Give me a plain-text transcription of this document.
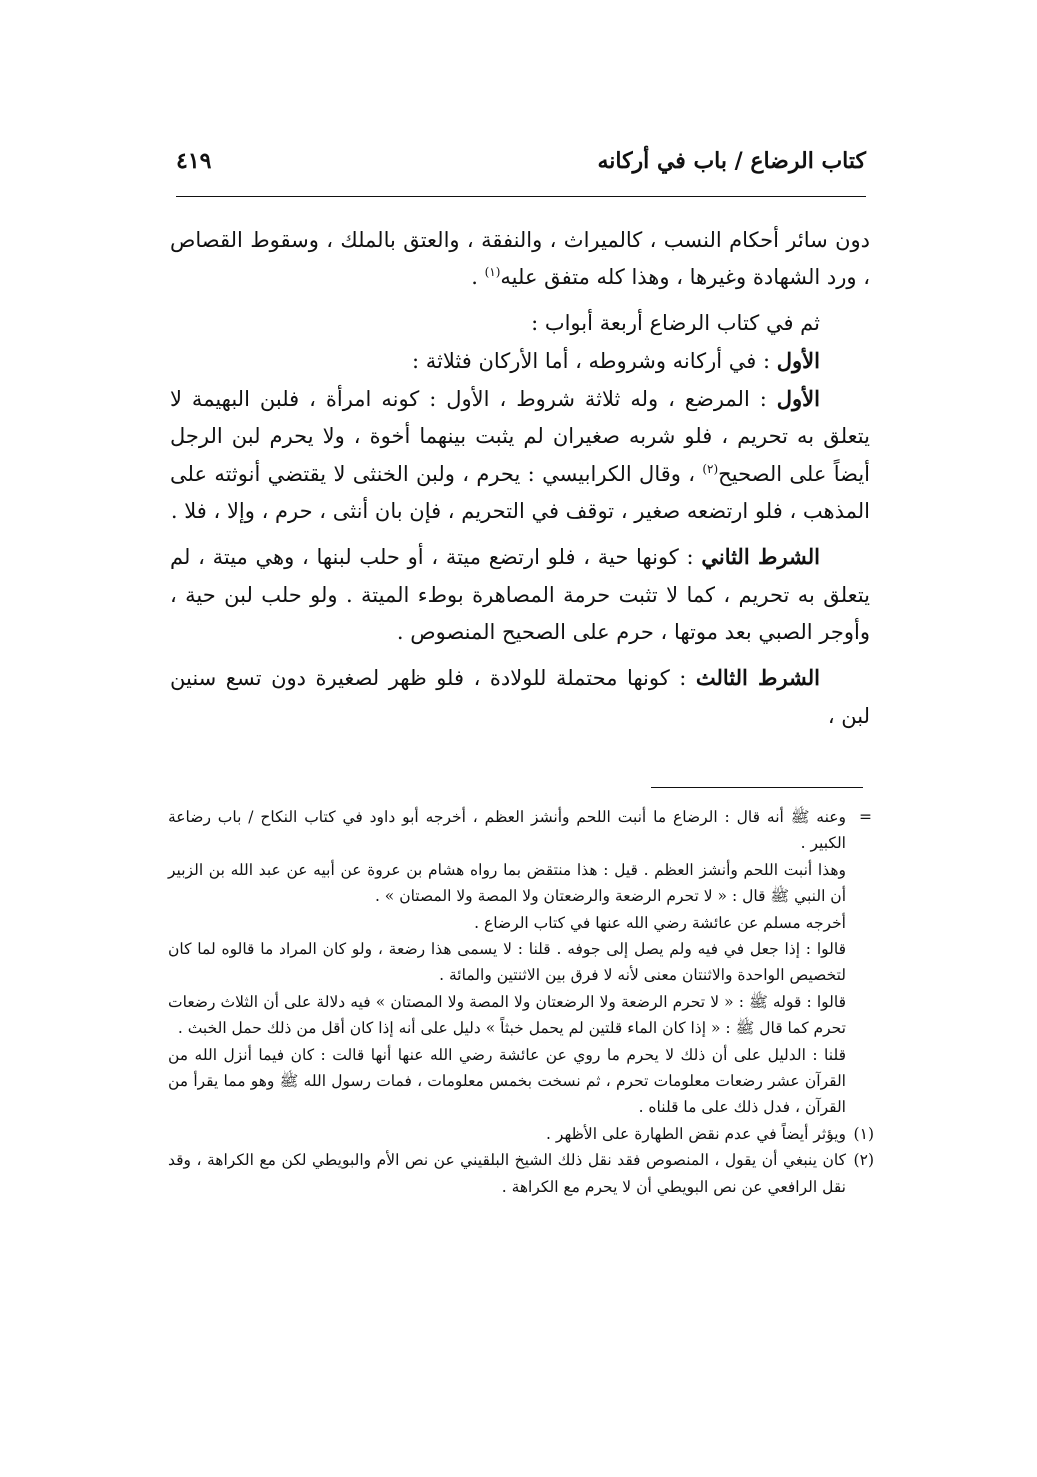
كتاب الرضاع / باب في أركانه
٤١٩

دون سائر أحكام النسب ، كالميراث ، والنفقة ، والعتق بالملك ، وسقوط القصاص ، ورد الشهادة وغيرها ، وهذا كله متفق عليه$^{(١)}$ .

ثم في كتاب الرضاع أربعة أبواب :

الأول : في أركانه وشروطه ، أما الأركان فثلاثة :

الأول : المرضع ، وله ثلاثة شروط ، الأول : كونه امرأة ، فلبن البهيمة لا يتعلق به تحريم ، فلو شربه صغيران لم يثبت بينهما أخوة ، ولا يحرم لبن الرجل أيضاً على الصحيح$^{(٢)}$ ، وقال الكرابيسي : يحرم ، ولبن الخنثى لا يقتضي أنوثته على المذهب ، فلو ارتضعه صغير ، توقف في التحريم ، فإن بان أنثى ، حرم ، وإلا ، فلا .

الشرط الثاني : كونها حية ، فلو ارتضع ميتة ، أو حلب لبنها ، وهي ميتة ، لم يتعلق به تحريم ، كما لا تثبت حرمة المصاهرة بوطء الميتة . ولو حلب لبن حية ، وأوجر الصبي بعد موتها ، حرم على الصحيح المنصوص .

الشرط الثالث : كونها محتملة للولادة ، فلو ظهر لصغيرة دون تسع سنين لبن ،

=
وعنه ﷺ أنه قال : الرضاع ما أنبت اللحم وأنشز العظم ، أخرجه أبو داود في كتاب النكاح / باب رضاعة الكبير .

وهذا أنبت اللحم وأنشز العظم . قيل : هذا منتقض بما رواه هشام بن عروة عن أبيه عن عبد الله بن الزبير أن النبي ﷺ قال : « لا تحرم الرضعة والرضعتان ولا المصة ولا المصتان » .

أخرجه مسلم عن عائشة رضي الله عنها في كتاب الرضاع .

قالوا : إذا جعل في فيه ولم يصل إلى جوفه . قلنا : لا يسمى هذا رضعة ، ولو كان المراد ما قالوه لما كان لتخصيص الواحدة والاثنتان معنى لأنه لا فرق بين الاثنتين والمائة .

قالوا : قوله ﷺ : « لا تحرم الرضعة ولا الرضعتان ولا المصة ولا المصتان » فيه دلالة على أن الثلاث رضعات تحرم كما قال ﷺ : « إذا كان الماء قلتين لم يحمل خبثاً » دليل على أنه إذا كان أقل من ذلك حمل الخبث .

قلنا : الدليل على أن ذلك لا يحرم ما روي عن عائشة رضي الله عنها أنها قالت : كان فيما أنزل الله من القرآن عشر رضعات معلومات تحرم ، ثم نسخت بخمس معلومات ، فمات رسول الله ﷺ وهو مما يقرأ من القرآن ، فدل ذلك على ما قلناه .

(١)
ويؤثر أيضاً في عدم نقض الطهارة على الأظهر .

(٢)
كان ينبغي أن يقول ، المنصوص فقد نقل ذلك الشيخ البلقيني عن نص الأم والبويطي لكن مع الكراهة ، وقد نقل الرافعي عن نص البويطي أن لا يحرم مع الكراهة .
